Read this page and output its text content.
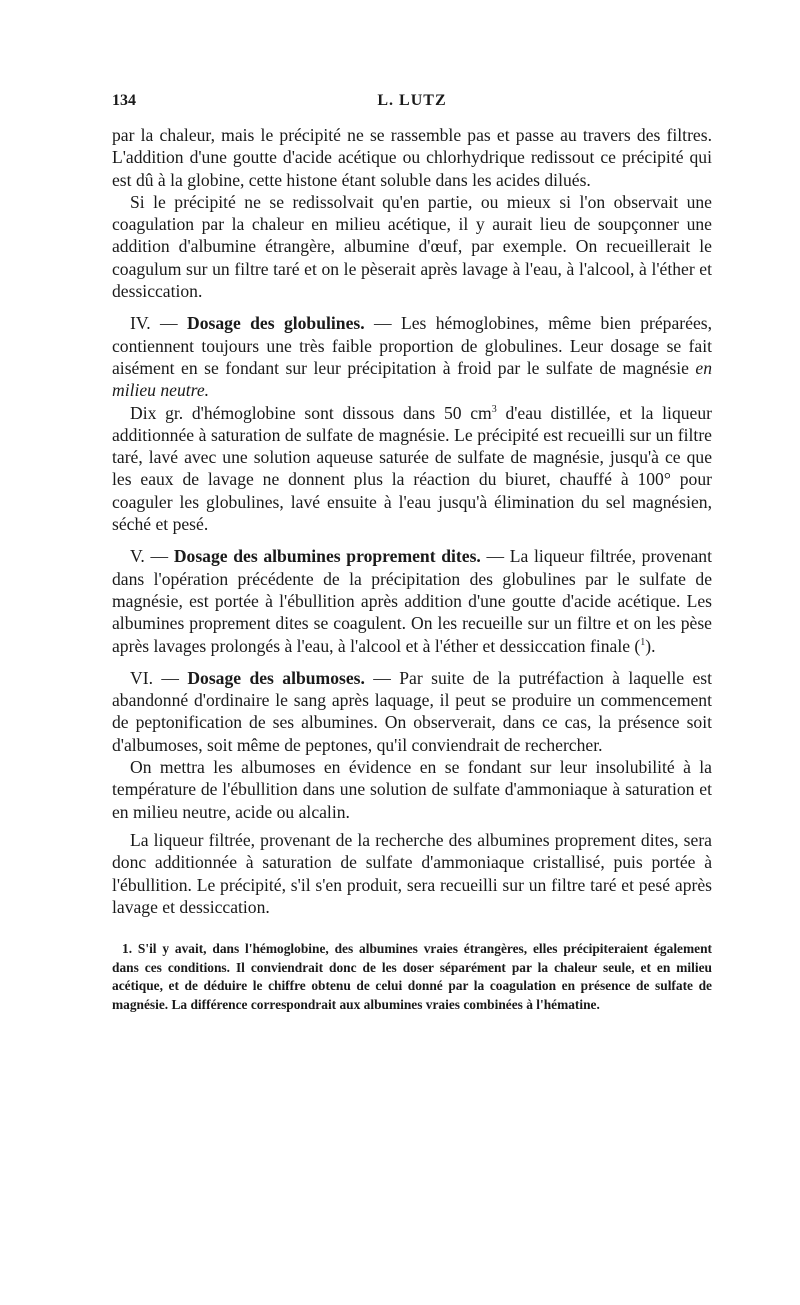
134	L. LUTZ

par la chaleur, mais le précipité ne se rassemble pas et passe au travers des filtres. L'addition d'une goutte d'acide acétique ou chlorhydrique redissout ce précipité qui est dû à la globine, cette histone étant soluble dans les acides dilués.

Si le précipité ne se redissolvait qu'en partie, ou mieux si l'on observait une coagulation par la chaleur en milieu acétique, il y aurait lieu de soupçonner une addition d'albumine étrangère, albumine d'œuf, par exemple. On recueillerait le coagulum sur un filtre taré et on le pèserait après lavage à l'eau, à l'alcool, à l'éther et dessiccation.

IV. — Dosage des globulines. — Les hémoglobines, même bien préparées, contiennent toujours une très faible proportion de globulines. Leur dosage se fait aisément en se fondant sur leur précipitation à froid par le sulfate de magnésie en milieu neutre.

Dix gr. d'hémoglobine sont dissous dans 50 $cm^3$ d'eau distillée, et la liqueur additionnée à saturation de sulfate de magnésie. Le précipité est recueilli sur un filtre taré, lavé avec une solution aqueuse saturée de sulfate de magnésie, jusqu'à ce que les eaux de lavage ne donnent plus la réaction du biuret, chauffé à 100° pour coaguler les globulines, lavé ensuite à l'eau jusqu'à élimination du sel magnésien, séché et pesé.

V. — Dosage des albumines proprement dites. — La liqueur filtrée, provenant dans l'opération précédente de la précipitation des globulines par le sulfate de magnésie, est portée à l'ébullition après addition d'une goutte d'acide acétique. Les albumines proprement dites se coagulent. On les recueille sur un filtre et on les pèse après lavages prolongés à l'eau, à l'alcool et à l'éther et dessiccation finale ($^1$).

VI. — Dosage des albumoses. — Par suite de la putréfaction à laquelle est abandonné d'ordinaire le sang après laquage, il peut se produire un commencement de peptonification de ses albumines. On observerait, dans ce cas, la présence soit d'albumoses, soit même de peptones, qu'il conviendrait de rechercher.

On mettra les albumoses en évidence en se fondant sur leur insolubilité à la température de l'ébullition dans une solution de sulfate d'ammoniaque à saturation et en milieu neutre, acide ou alcalin.

La liqueur filtrée, provenant de la recherche des albumines proprement dites, sera donc additionnée à saturation de sulfate d'ammoniaque cristallisé, puis portée à l'ébullition. Le précipité, s'il s'en produit, sera recueilli sur un filtre taré et pesé après lavage et dessiccation.

1. S'il y avait, dans l'hémoglobine, des albumines vraies étrangères, elles précipiteraient également dans ces conditions. Il conviendrait donc de les doser séparément par la chaleur seule, et en milieu acétique, et de déduire le chiffre obtenu de celui donné par la coagulation en présence de sulfate de magnésie. La différence correspondrait aux albumines vraies combinées à l'hématine.
